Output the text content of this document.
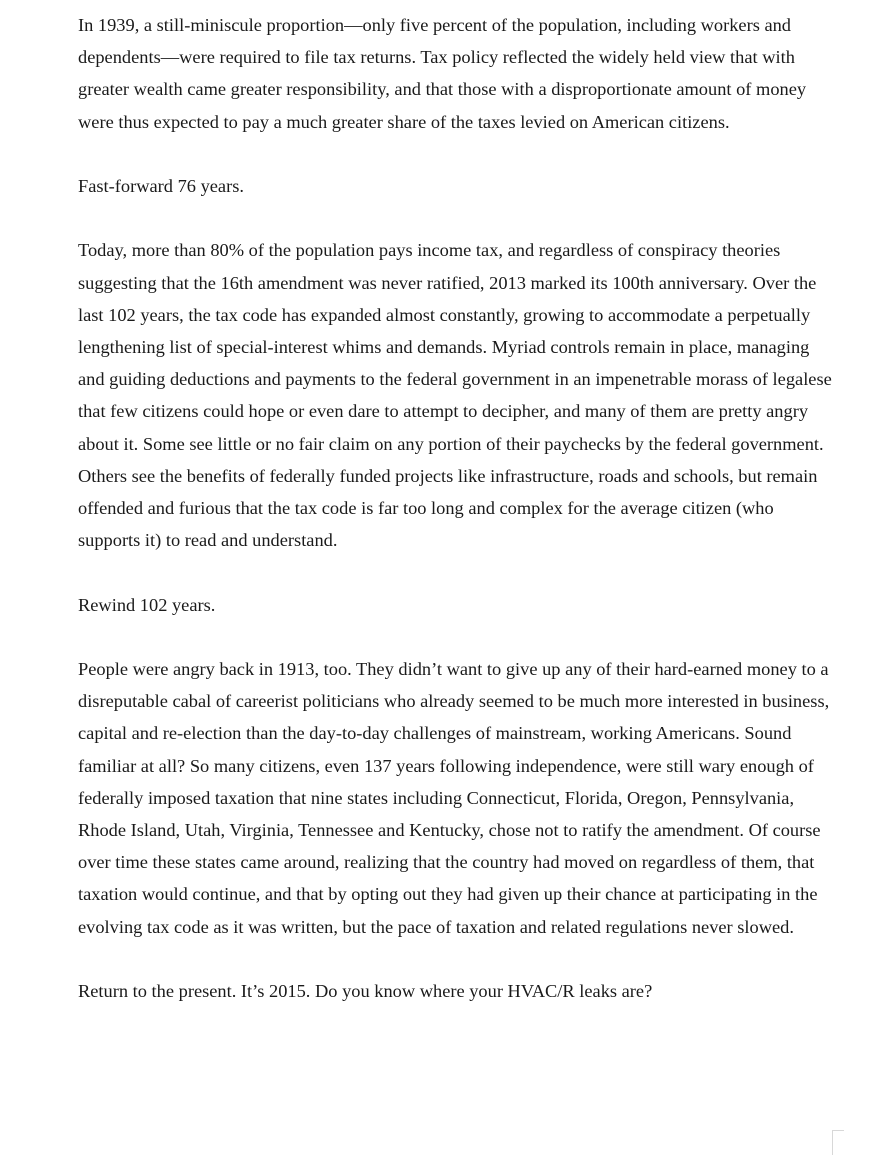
In 1939, a still-miniscule proportion—only five percent of the population, including workers and dependents—were required to file tax returns. Tax policy reflected the widely held view that with greater wealth came greater responsibility, and that those with a disproportionate amount of money were thus expected to pay a much greater share of the taxes levied on American citizens.

Fast-forward 76 years.

Today, more than 80% of the population pays income tax, and regardless of conspiracy theories suggesting that the 16th amendment was never ratified, 2013 marked its 100th anniversary. Over the last 102 years, the tax code has expanded almost constantly, growing to accommodate a perpetually lengthening list of special-interest whims and demands. Myriad controls remain in place, managing and guiding deductions and payments to the federal government in an impenetrable morass of legalese that few citizens could hope or even dare to attempt to decipher, and many of them are pretty angry about it. Some see little or no fair claim on any portion of their paychecks by the federal government. Others see the benefits of federally funded projects like infrastructure, roads and schools, but remain offended and furious that the tax code is far too long and complex for the average citizen (who supports it) to read and understand.

Rewind 102 years.

People were angry back in 1913, too. They didn’t want to give up any of their hard-earned money to a disreputable cabal of careerist politicians who already seemed to be much more interested in business, capital and re-election than the day-to-day challenges of mainstream, working Americans. Sound familiar at all? So many citizens, even 137 years following independence, were still wary enough of federally imposed taxation that nine states including Connecticut, Florida, Oregon, Pennsylvania, Rhode Island, Utah, Virginia, Tennessee and Kentucky, chose not to ratify the amendment. Of course over time these states came around, realizing that the country had moved on regardless of them, that taxation would continue, and that by opting out they had given up their chance at participating in the evolving tax code as it was written, but the pace of taxation and related regulations never slowed.

Return to the present. It’s 2015. Do you know where your HVAC/R leaks are?
